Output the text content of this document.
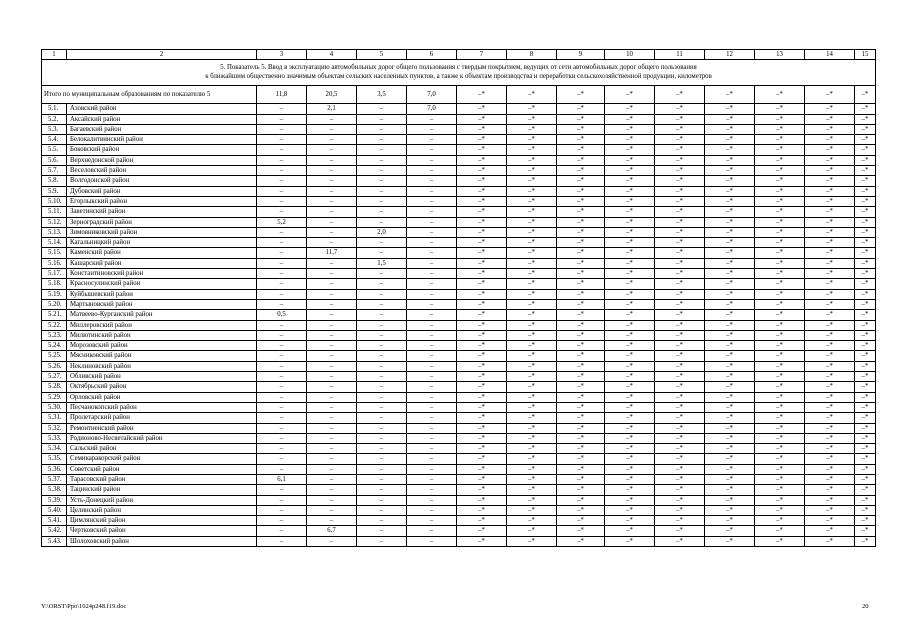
1	2	3	4	5	6	7	8	9	10	11	12	13	14	15
5. Показатель 5. Ввод в эксплуатацию автомобильных дорог общего пользования с твердым покрытием, ведущих от сети автомобильных дорог общего пользования
к ближайшим общественно значимым объектам сельских населенных пунктов, а также к объектам производства и переработки сельскохозяйственной продукции, километров														
Итого по муниципальным образованиям по показателю 5		11,8	20,5	3,5	7,0	–*	–*	–*	–*	–*	–*	–*	–*	–*
5.1.	Азовский район	–	2,1	–	7,0	–*	–*	–*	–*	–*	–*	–*	–*	–*
5.2.	Аксайский район	–	–	–	–	–*	–*	–*	–*	–*	–*	–*	–*	–*
5.3.	Багаевский район	–	–	–	–	–*	–*	–*	–*	–*	–*	–*	–*	–*
5.4.	Белокалитвинский район	–	–	–	–	–*	–*	–*	–*	–*	–*	–*	–*	–*
5.5.	Боковский район	–	–	–	–	–*	–*	–*	–*	–*	–*	–*	–*	–*
5.6.	Верхнедонской район	–	–	–	–	–*	–*	–*	–*	–*	–*	–*	–*	–*
5.7.	Веселовский район	–	–	–	–	–*	–*	–*	–*	–*	–*	–*	–*	–*
5.8.	Волгодонской район	–	–	–	–	–*	–*	–*	–*	–*	–*	–*	–*	–*
5.9.	Дубовский район	–	–	–	–	–*	–*	–*	–*	–*	–*	–*	–*	–*
5.10.	Егорлыкский район	–	–	–	–	–*	–*	–*	–*	–*	–*	–*	–*	–*
5.11.	Заветинский район	–	–	–	–	–*	–*	–*	–*	–*	–*	–*	–*	–*
5.12.	Зерноградский район	5,2	–	–	–	–*	–*	–*	–*	–*	–*	–*	–*	–*
5.13.	Зимовниковский район	–	–	2,0	–	–*	–*	–*	–*	–*	–*	–*	–*	–*
5.14.	Кагальницкий район	–	–	–	–	–*	–*	–*	–*	–*	–*	–*	–*	–*
5.15.	Каменский район	–	11,7	–	–	–*	–*	–*	–*	–*	–*	–*	–*	–*
5.16.	Кашарский район	–	–	1,5	–	–*	–*	–*	–*	–*	–*	–*	–*	–*
5.17.	Константиновский район	–	–	–	–	–*	–*	–*	–*	–*	–*	–*	–*	–*
5.18.	Красносулинский район	–	–	–	–	–*	–*	–*	–*	–*	–*	–*	–*	–*
5.19.	Куйбышевский район	–	–	–	–	–*	–*	–*	–*	–*	–*	–*	–*	–*
5.20.	Мартыновский район	–	–	–	–	–*	–*	–*	–*	–*	–*	–*	–*	–*
5.21.	Матвеево-Курганский район	0,5	–	–	–	–*	–*	–*	–*	–*	–*	–*	–*	–*
5.22.	Миллеровский район	–	–	–	–	–*	–*	–*	–*	–*	–*	–*	–*	–*
5.23.	Милютинский район	–	–	–	–	–*	–*	–*	–*	–*	–*	–*	–*	–*
5.24.	Морозовский район	–	–	–	–	–*	–*	–*	–*	–*	–*	–*	–*	–*
5.25.	Мясниковский район	–	–	–	–	–*	–*	–*	–*	–*	–*	–*	–*	–*
5.26.	Неклиновский район	–	–	–	–	–*	–*	–*	–*	–*	–*	–*	–*	–*
5.27.	Обливский район	–	–	–	–	–*	–*	–*	–*	–*	–*	–*	–*	–*
5.28.	Октябрьский район	–	–	–	–	–*	–*	–*	–*	–*	–*	–*	–*	–*
5.29.	Орловский район	–	–	–	–	–*	–*	–*	–*	–*	–*	–*	–*	–*
5.30.	Песчанокопский район	–	–	–	–	–*	–*	–*	–*	–*	–*	–*	–*	–*
5.31.	Пролетарский район	–	–	–	–	–*	–*	–*	–*	–*	–*	–*	–*	–*
5.32.	Ремонтненский район	–	–	–	–	–*	–*	–*	–*	–*	–*	–*	–*	–*
5.33.	Родионово-Несветайский район	–	–	–	–	–*	–*	–*	–*	–*	–*	–*	–*	–*
5.34.	Сальский район	–	–	–	–	–*	–*	–*	–*	–*	–*	–*	–*	–*
5.35.	Семикаракорский район	–	–	–	–	–*	–*	–*	–*	–*	–*	–*	–*	–*
5.36.	Советский район	–	–	–	–	–*	–*	–*	–*	–*	–*	–*	–*	–*
5.37.	Тарасовский район	6,1	–	–	–	–*	–*	–*	–*	–*	–*	–*	–*	–*
5.38.	Тацинский район	–	–	–	–	–*	–*	–*	–*	–*	–*	–*	–*	–*
5.39.	Усть-Донецкий район	–	–	–	–	–*	–*	–*	–*	–*	–*	–*	–*	–*
5.40.	Целинский район	–	–	–	–	–*	–*	–*	–*	–*	–*	–*	–*	–*
5.41.	Цимлянский район	–	–	–	–	–*	–*	–*	–*	–*	–*	–*	–*	–*
5.42.	Чертковский район	–	6,7	–	–	–*	–*	–*	–*	–*	–*	–*	–*	–*
5.43.	Шолоховский район	–	–	–	–	–*	–*	–*	–*	–*	–*	–*	–*	–*
Y:\ORST\Ppo\1024p248.f19.doc	20
